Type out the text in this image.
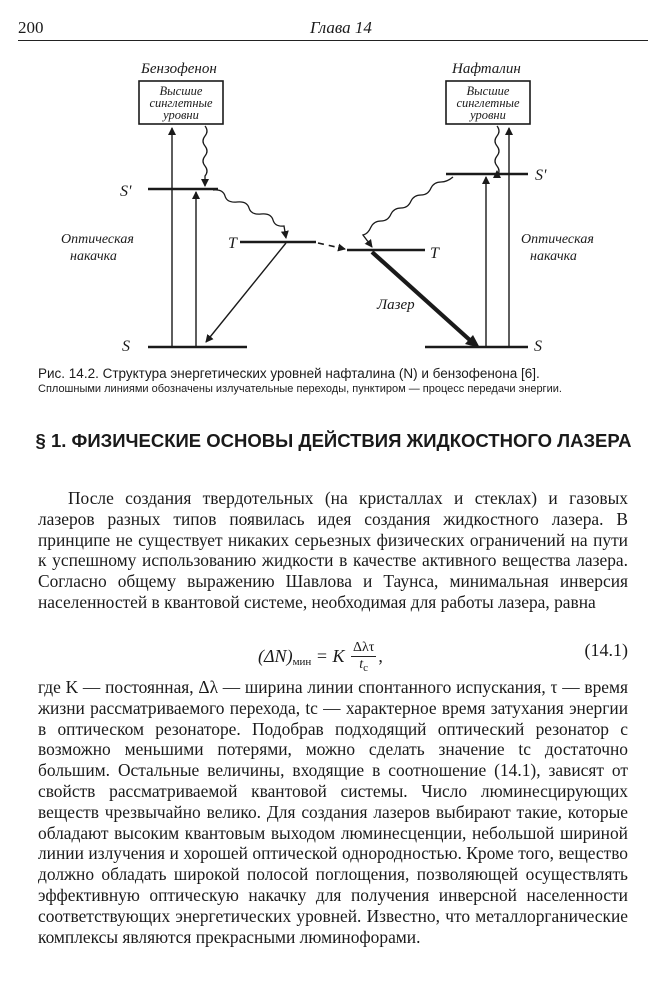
200	Глава 14
Бензофенон	Нафталин
Высшие
синглетные
уровни
Высшие
синглетные
уровни
S'
S'
T
T
S	S
Оптическая
накачка
Оптическая
накачка
Лазер
Рис. 14.2. Структура энергетических уровней нафталина (N) и бензофенона [6].
Сплошными линиями обозначены излучательные переходы, пунктиром — процесс передачи энергии.
§ 1. ФИЗИЧЕСКИЕ ОСНОВЫ ДЕЙСТВИЯ ЖИДКОСТНОГО ЛАЗЕРА
После создания твердотельных (на кристаллах и стеклах) и газовых лазеров разных типов появилась идея создания жидкостного лазера. В принципе не существует никаких серьезных физических ограничений на пути к успешному использованию жидкости в качестве активного вещества лазера. Согласно общему выражению Шавлова и Таунса, минимальная инверсия населенностей в квантовой системе, необходимая для работы лазера, равна
$(\Delta N)_{мин} = K \frac{\text{Δλτ}}{t_c}$ ,	(14.1)
где K — постоянная, Δλ — ширина линии спонтанного испускания, τ — время жизни рассматриваемого перехода, tc — характерное время затухания энергии в оптическом резонаторе. Подобрав подходящий оптический резонатор с возможно меньшими потерями, можно сделать значение tc достаточно большим. Остальные величины, входящие в соотношение (14.1), зависят от свойств рассматриваемой квантовой системы. Число люминесцирующих веществ чрезвычайно велико. Для создания лазеров выбирают такие, которые обладают высоким квантовым выходом люминесценции, небольшой шириной линии излучения и хорошей оптической однородностью. Кроме того, вещество должно обладать широкой полосой поглощения, позволяющей осуществлять эффективную оптическую накачку для получения инверсной населенности соответствующих энергетических уровней. Известно, что металлорганические комплексы являются прекрасными люминофорами.
